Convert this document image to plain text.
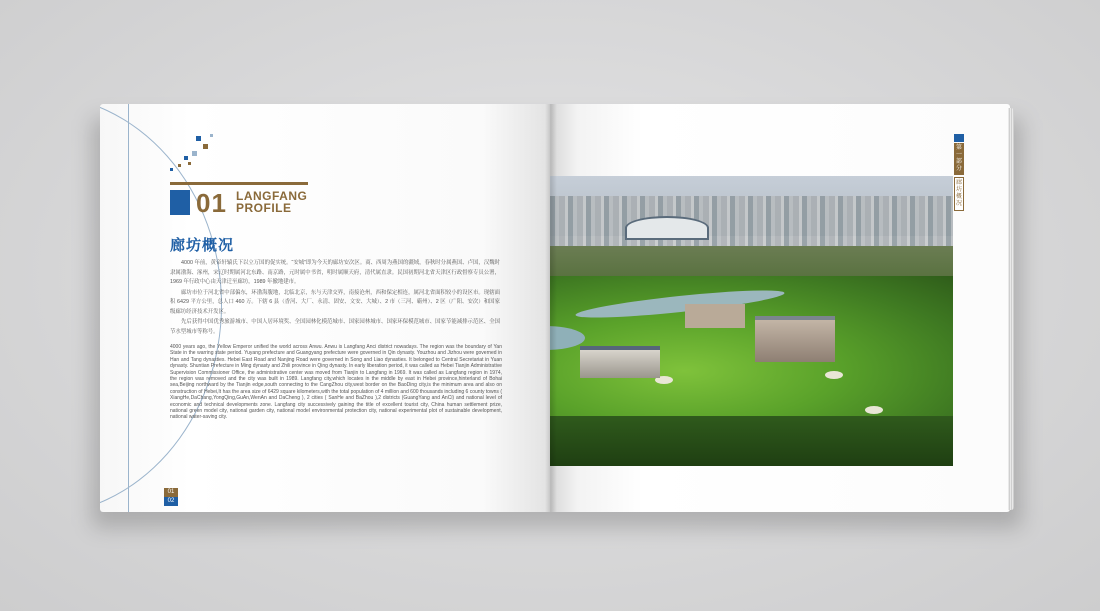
01 LANGFANG
PROFILE
廊坊概况

4000 年前，黄帝轩辕氏下以立万国的促实统。“安城”即为今天的廊坊安次区。商、西周为燕国的疆域，春秋时分属燕国、卢国，汉魏时隶属渤海、涿州，宋辽时期属河北东路、南京路，元时属中书省，明时属顺天府，清代属直隶。民国初期河北省天津区行政督察专员公署，1969 年行政中心由天津迁至廊坊，1989 年撤地建市。

廊坊市位于河北省中部偏东，环渤海腹地，北临北京，东与天津交界，南接沧州，西和保定相连，属河北省面积较小的设区市。现辖面积 6429 平方公里，总人口 460 万。下辖 6 县（香河、大厂、永清、固安、文安、大城）、2 市（三河、霸州）、2 区（广阳、安次）和国家级廊坊经济技术开发区。

先后获得中国优秀旅游城市、中国人居环境奖、全国园林化模范城市、国家园林城市、国家环保模范城市、国家节能减排示范区、全国节水型城市等称号。

4000 years ago, the Yellow Emperor unified the world across Anwu. Anwu is Langfang Anci district nowadays. The region was the boundary of Yan State in the warring state period. Yuyang prefecture and Guangyang prefecture were governed in Qin dynasty. Youzhou and Jizhou were governed in Han and Tang dynasties. Hebei East Road and Nanjing Road were governed in Song and Liao dynasties. It belonged to Central Secretariat in Yuan dynasty. Shuntian Prefecture in Ming dynasty and Zhili province in Qing dynasty. In early liberation period, it was called as Hebei Tianjin Administrative Supervision Commissioner Office, the administrative center was moved from Tianjin to Langfang in 1969. It was called as Langfang region in 1974, the region was removed and the city was built in 1989. Langfang city,which locates in the middle by east in Hebei province,hinterland of Bohai sea,Beijing northward by the Tianjin edge,south connecting to the CangZhou city,west border on the BaoDing city,is the minimum area and also on construction of Hebei,It has the area size of 6429 square kilometers,with the total population of 4 million and 600 thousands including 6 county towns ( XiangHe,DaChang,YongQing,GuAn,WenAn and DaCheng ), 2 cities ( SanHe and BaZhou ),2 districts (GuangYang and AnCi) and national level of economic and technical developments zone. Langfang city successively gaining the title of excellent tourist city, China human settlement prize, national green model city, national garden city, national model environmental protection city, national experimental plot of sustainable development, national water-saving city.
01
02
第一部分
廊坊概况
